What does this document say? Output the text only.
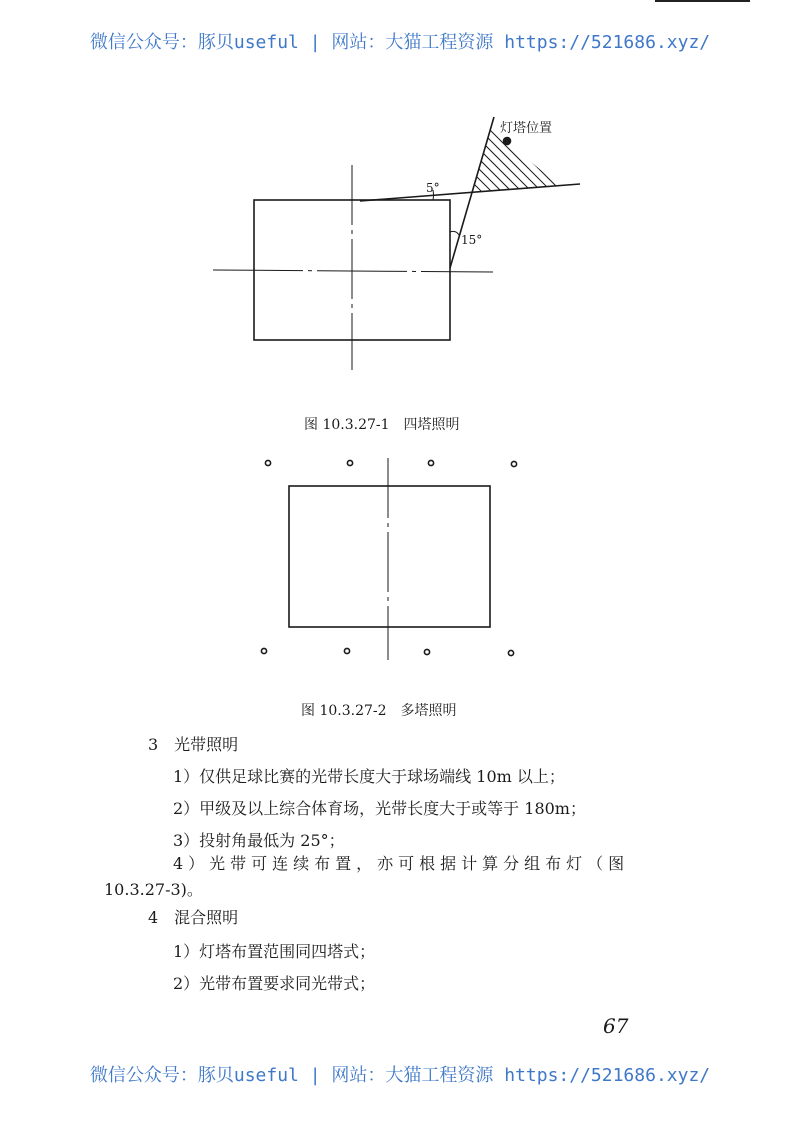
微信公众号：豚贝useful | 网站：大猫工程资源 https://521686.xyz/
灯塔位置
5°
15°
图 10.3.27-1　四塔照明
图 10.3.27-2　多塔照明
3　光带照明
1）仅供足球比赛的光带长度大于球场端线 10m 以上；
2）甲级及以上综合体育场，光带长度大于或等于 180m；
3）投射角最低为 25°；
4）光带可连续布置，亦可根据计算分组布灯（图
10.3.27-3)。
4　混合照明
1）灯塔布置范围同四塔式；
2）光带布置要求同光带式；
67
微信公众号：豚贝useful | 网站：大猫工程资源 https://521686.xyz/
